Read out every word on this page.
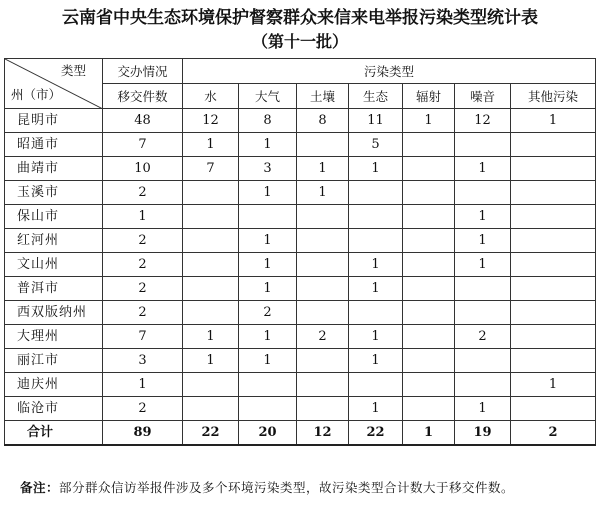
云南省中央生态环境保护督察群众来信来电举报污染类型统计表
（第十一批）
类型
州（市）	交办情况	污染类型						
	移交件数	水	大气	土壤	生态	辐射	噪音	其他污染
昆明市	48	12	8	8	11	1	12	1
昭通市	7	1	1		5			
曲靖市	10	7	3	1	1		1	
玉溪市	2		1	1				
保山市	1						1	
红河州	2		1				1	
文山州	2		1		1		1	
普洱市	2		1		1			
西双版纳州	2		2					
大理州	7	1	1	2	1		2	
丽江市	3	1	1		1			
迪庆州	1							1
临沧市	2				1		1	
合计	89	22	20	12	22	1	19	2
备注：部分群众信访举报件涉及多个环境污染类型，故污染类型合计数大于移交件数。
